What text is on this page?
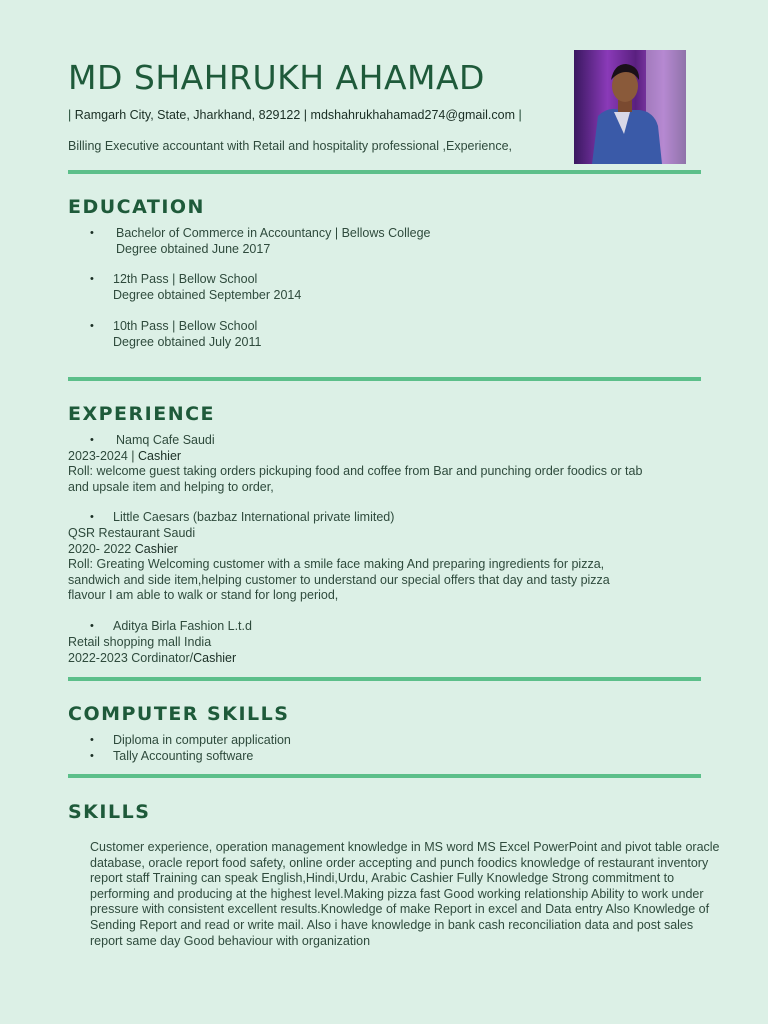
MD SHAHRUKH AHAMAD
| Ramgarh City, State, Jharkhand, 829122 | mdshahrukhahamad274@gmail.com |
Billing Executive accountant with Retail and hospitality professional ,Experience,
EDUCATION
• Bachelor of Commerce in Accountancy | Bellows College
Degree obtained June 2017
• 12th Pass | Bellow School
Degree obtained September 2014
• 10th Pass | Bellow School
Degree obtained July 2011
EXPERIENCE
• Namq Cafe Saudi
2023-2024 | Cashier
Roll: welcome guest taking orders pickuping food and coffee from Bar and punching order foodics or tab
and upsale item and helping to order,
• Little Caesars (bazbaz International private limited)
QSR Restaurant Saudi
2020- 2022 Cashier
Roll: Greating Welcoming customer with a smile face making And preparing ingredients for pizza,
sandwich and side item,helping customer to understand our special offers that day and tasty pizza
flavour I am able to walk or stand for long period,
• Aditya Birla Fashion L.t.d
Retail shopping mall India
2022-2023 Cordinator/Cashier
COMPUTER SKILLS
• Diploma in computer application
• Tally Accounting software
SKILLS

Customer experience, operation management knowledge in MS word MS Excel PowerPoint and pivot table oracle database, oracle report food safety, online order accepting and punch foodics knowledge of restaurant inventory report staff Training can speak English,Hindi,Urdu, Arabic Cashier Fully Knowledge Strong commitment to performing and producing at the highest level.Making pizza fast Good working relationship Ability to work under pressure with consistent excellent results.Knowledge of make Report in excel and Data entry Also Knowledge of Sending Report and read or write mail. Also i have knowledge in bank cash reconciliation data and post sales report same day Good behaviour with organization
